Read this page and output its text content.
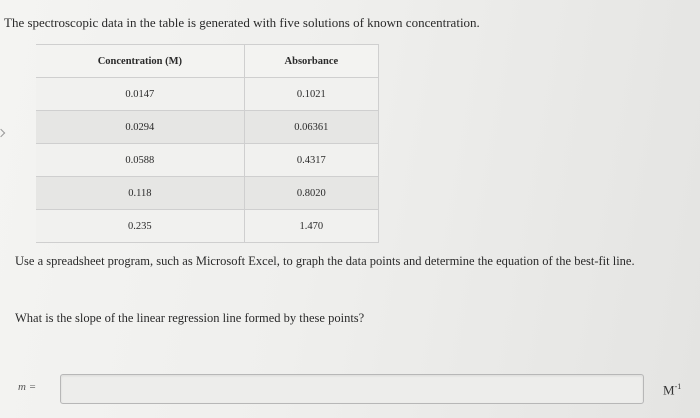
The spectroscopic data in the table is generated with five solutions of known concentration.
Concentration (M)	Absorbance
0.0147	0.1021
0.0294	0.06361
0.0588	0.4317
0.118	0.8020
0.235	1.470
Use a spreadsheet program, such as Microsoft Excel, to graph the data points and determine the equation of the best-fit line.
What is the slope of the linear regression line formed by these points?
m =	$M^{-1}$
